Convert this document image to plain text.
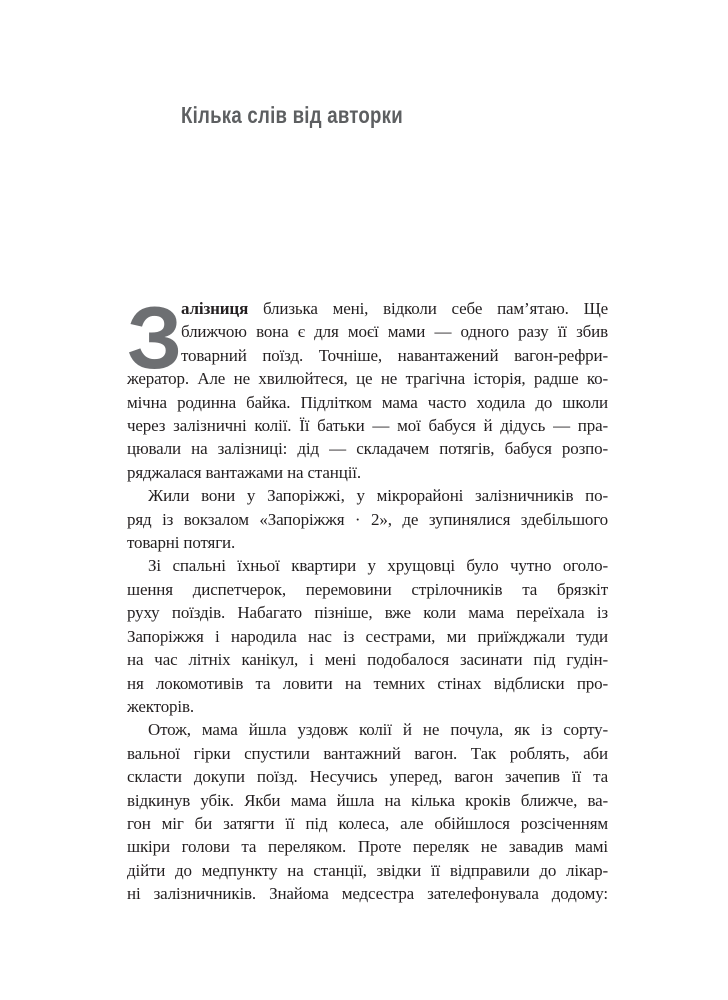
Кілька слів від авторки
З алізниця близька мені, відколи себе пам’ятаю. Ще
ближчою вона є для моєї мами — одного разу її збив
товарний поїзд. Точніше, навантажений вагон-рефри-
жератор. Але не хвилюйтеся, це не трагічна історія, радше ко-
мічна родинна байка. Підлітком мама часто ходила до школи
через залізничні колії. Її батьки — мої бабуся й дідусь — пра-
цювали на залізниці: дід — складачем потягів, бабуся розпо-
ряджалася вантажами на станції.
Жили вони у Запоріжжі, у мікрорайоні залізничників по-
ряд із вокзалом «Запоріжжя · 2», де зупинялися здебільшого
товарні потяги.
Зі спальні їхньої квартири у хрущовці було чутно оголо-
шення диспетчерок, перемовини стрілочників та брязкіт
руху поїздів. Набагато пізніше, вже коли мама переїхала із
Запоріжжя і народила нас із сестрами, ми приїжджали туди
на час літніх канікул, і мені подобалося засинати під гудін-
ня локомотивів та ловити на темних стінах відблиски про-
жекторів.
Отож, мама йшла уздовж колії й не почула, як із сорту-
вальної гірки спустили вантажний вагон. Так роблять, аби
скласти докупи поїзд. Несучись уперед, вагон зачепив її та
відкинув убік. Якби мама йшла на кілька кроків ближче, ва-
гон міг би затягти її під колеса, але обійшлося розсіченням
шкіри голови та переляком. Проте переляк не завадив мамі
дійти до медпункту на станції, звідки її відправили до лікар-
ні залізничників. Знайома медсестра зателефонувала додому:
